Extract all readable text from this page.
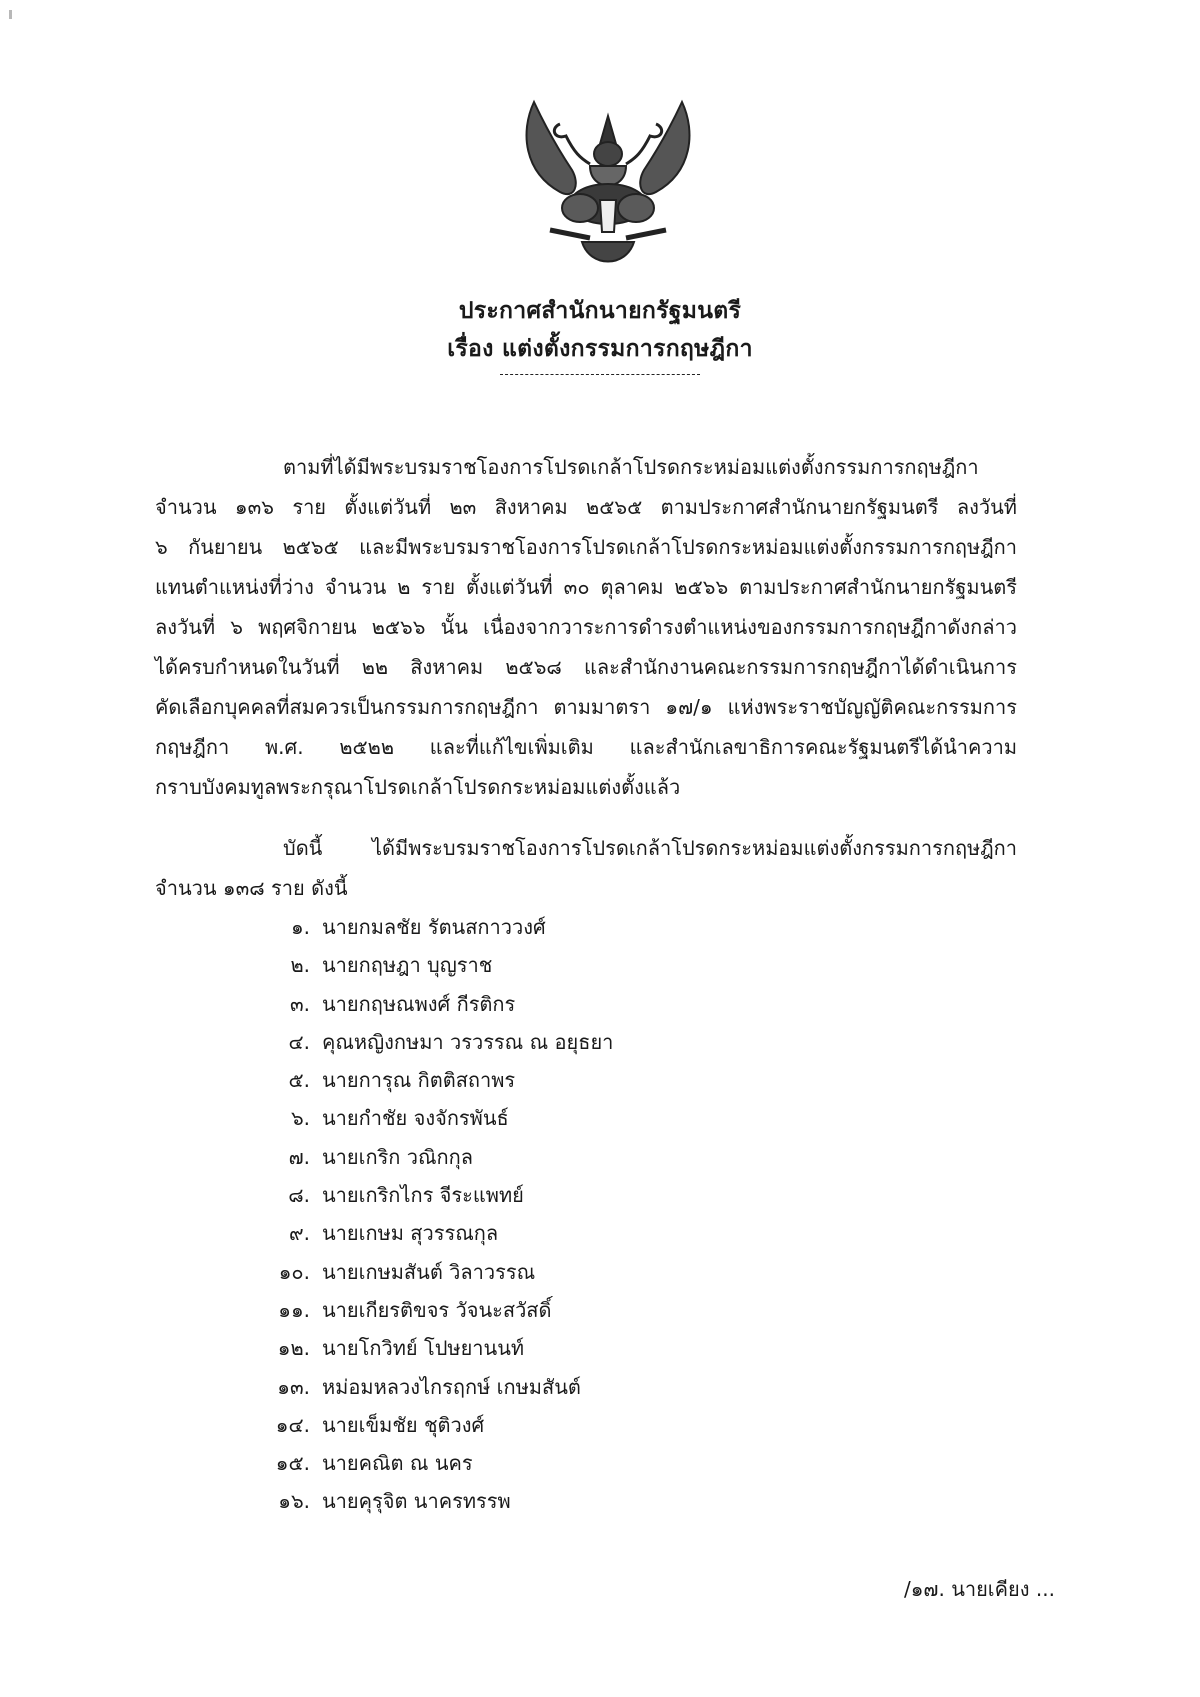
ประกาศสำนักนายกรัฐมนตรี
เรื่อง แต่งตั้งกรรมการกฤษฎีกา
ตามที่ได้มีพระบรมราชโองการโปรดเกล้าโปรดกระหม่อมแต่งตั้งกรรมการกฤษฎีกา
จำนวน ๑๓๖ ราย ตั้งแต่วันที่ ๒๓ สิงหาคม ๒๕๖๕ ตามประกาศสำนักนายกรัฐมนตรี ลงวันที่
๖ กันยายน ๒๕๖๕ และมีพระบรมราชโองการโปรดเกล้าโปรดกระหม่อมแต่งตั้งกรรมการกฤษฎีกา
แทนตำแหน่งที่ว่าง จำนวน ๒ ราย ตั้งแต่วันที่ ๓๐ ตุลาคม ๒๕๖๖ ตามประกาศสำนักนายกรัฐมนตรี
ลงวันที่ ๖ พฤศจิกายน ๒๕๖๖ นั้น เนื่องจากวาระการดำรงตำแหน่งของกรรมการกฤษฎีกาดังกล่าว
ได้ครบกำหนดในวันที่ ๒๒ สิงหาคม ๒๕๖๘ และสำนักงานคณะกรรมการกฤษฎีกาได้ดำเนินการ
คัดเลือกบุคคลที่สมควรเป็นกรรมการกฤษฎีกา ตามมาตรา ๑๗/๑ แห่งพระราชบัญญัติคณะกรรมการ
กฤษฎีกา พ.ศ. ๒๕๒๒ และที่แก้ไขเพิ่มเติม และสำนักเลขาธิการคณะรัฐมนตรีได้นำความ
กราบบังคมทูลพระกรุณาโปรดเกล้าโปรดกระหม่อมแต่งตั้งแล้ว
บัดนี้ ได้มีพระบรมราชโองการโปรดเกล้าโปรดกระหม่อมแต่งตั้งกรรมการกฤษฎีกา
จำนวน ๑๓๘ ราย ดังนี้
๑. นายกมลชัย รัตนสกาววงศ์
๒. นายกฤษฎา บุญราช
๓. นายกฤษณพงศ์ กีรติกร
๔. คุณหญิงกษมา วรวรรณ ณ อยุธยา
๕. นายการุณ กิตติสถาพร
๖. นายกำชัย จงจักรพันธ์
๗. นายเกริก วณิกกุล
๘. นายเกริกไกร จีระแพทย์
๙. นายเกษม สุวรรณกุล
๑๐. นายเกษมสันต์ วิลาวรรณ
๑๑. นายเกียรติขจร วัจนะสวัสดิ์
๑๒. นายโกวิทย์ โปษยานนท์
๑๓. หม่อมหลวงไกรฤกษ์ เกษมสันต์
๑๔. นายเข็มชัย ชุติวงศ์
๑๕. นายคณิต ณ นคร
๑๖. นายคุรุจิต นาครทรรพ
/๑๗. นายเคียง ...
